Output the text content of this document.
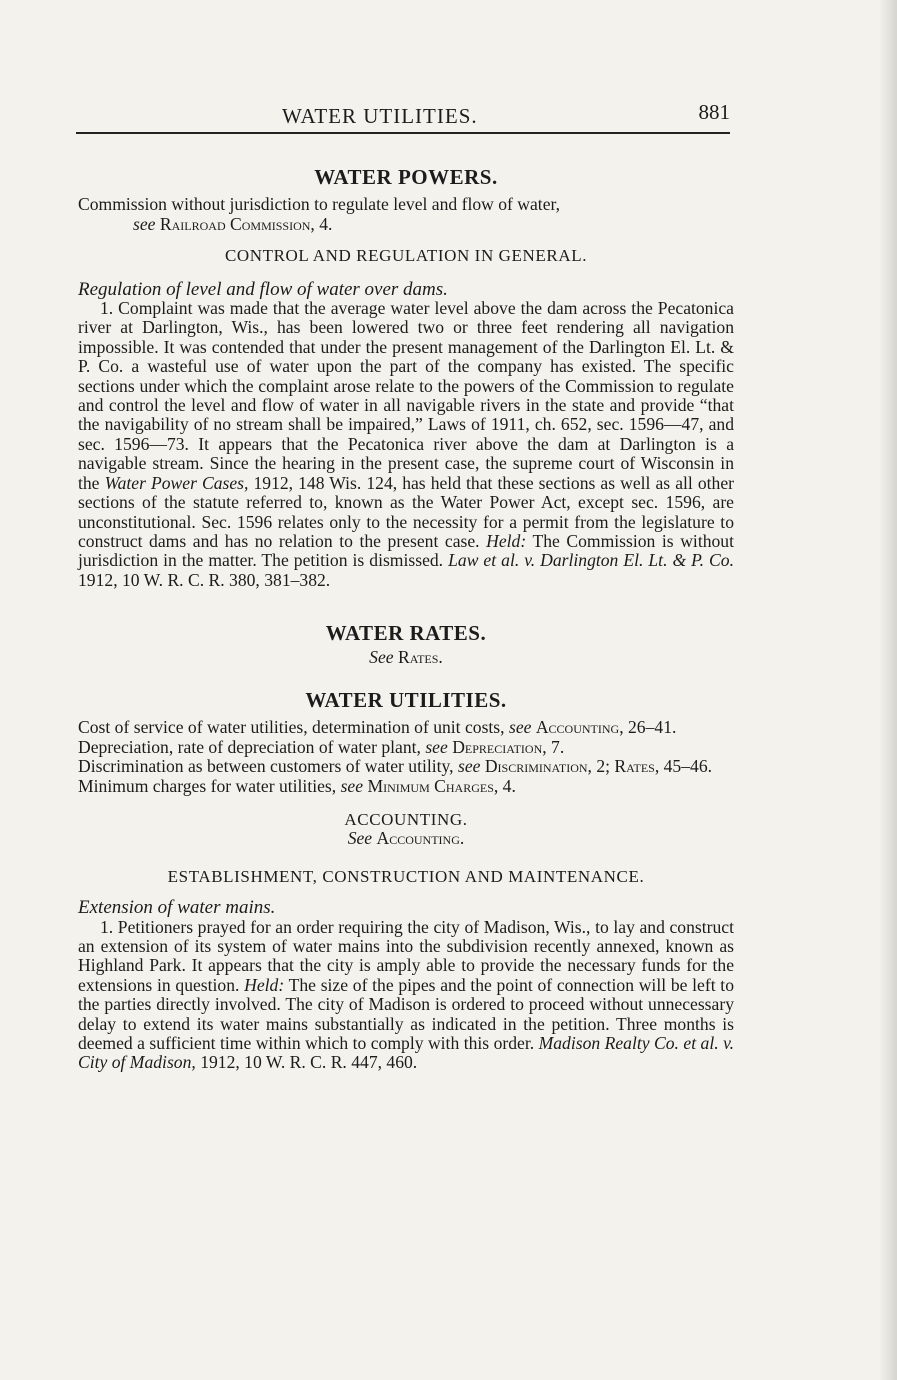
WATER UTILITIES.	881

WATER POWERS.

Commission without jurisdiction to regulate level and flow of water,

see Railroad Commission, 4.

CONTROL AND REGULATION IN GENERAL.

Regulation of level and flow of water over dams.

1. Complaint was made that the average water level above the dam across the Pecatonica river at Darlington, Wis., has been lowered two or three feet rendering all navigation impossible. It was contended that under the present management of the Darlington El. Lt. & P. Co. a wasteful use of water upon the part of the company has existed. The specific sections under which the complaint arose relate to the powers of the Commission to regulate and control the level and flow of water in all navigable rivers in the state and provide “that the navigability of no stream shall be impaired,” Laws of 1911, ch. 652, sec. 1596—47, and sec. 1596—73. It appears that the Pecatonica river above the dam at Darlington is a navigable stream. Since the hearing in the present case, the supreme court of Wisconsin in the Water Power Cases, 1912, 148 Wis. 124, has held that these sections as well as all other sections of the statute referred to, known as the Water Power Act, except sec. 1596, are unconstitutional. Sec. 1596 relates only to the necessity for a permit from the legislature to construct dams and has no relation to the present case. Held: The Commission is without jurisdiction in the matter. The petition is dismissed. Law et al. v. Darlington El. Lt. & P. Co. 1912, 10 W. R. C. R. 380, 381–382.

WATER RATES.

See Rates.

WATER UTILITIES.

Cost of service of water utilities, determination of unit costs, see Accounting, 26–41.

Depreciation, rate of depreciation of water plant, see Depreciation, 7.

Discrimination as between customers of water utility, see Discrimination, 2; Rates, 45–46.

Minimum charges for water utilities, see Minimum Charges, 4.

ACCOUNTING.

See Accounting.

ESTABLISHMENT, CONSTRUCTION AND MAINTENANCE.

Extension of water mains.

1. Petitioners prayed for an order requiring the city of Madison, Wis., to lay and construct an extension of its system of water mains into the subdivision recently annexed, known as Highland Park. It appears that the city is amply able to provide the necessary funds for the extensions in question. Held: The size of the pipes and the point of connection will be left to the parties directly involved. The city of Madison is ordered to proceed without unnecessary delay to extend its water mains substantially as indicated in the petition. Three months is deemed a sufficient time within which to comply with this order. Madison Realty Co. et al. v. City of Madison, 1912, 10 W. R. C. R. 447, 460.
